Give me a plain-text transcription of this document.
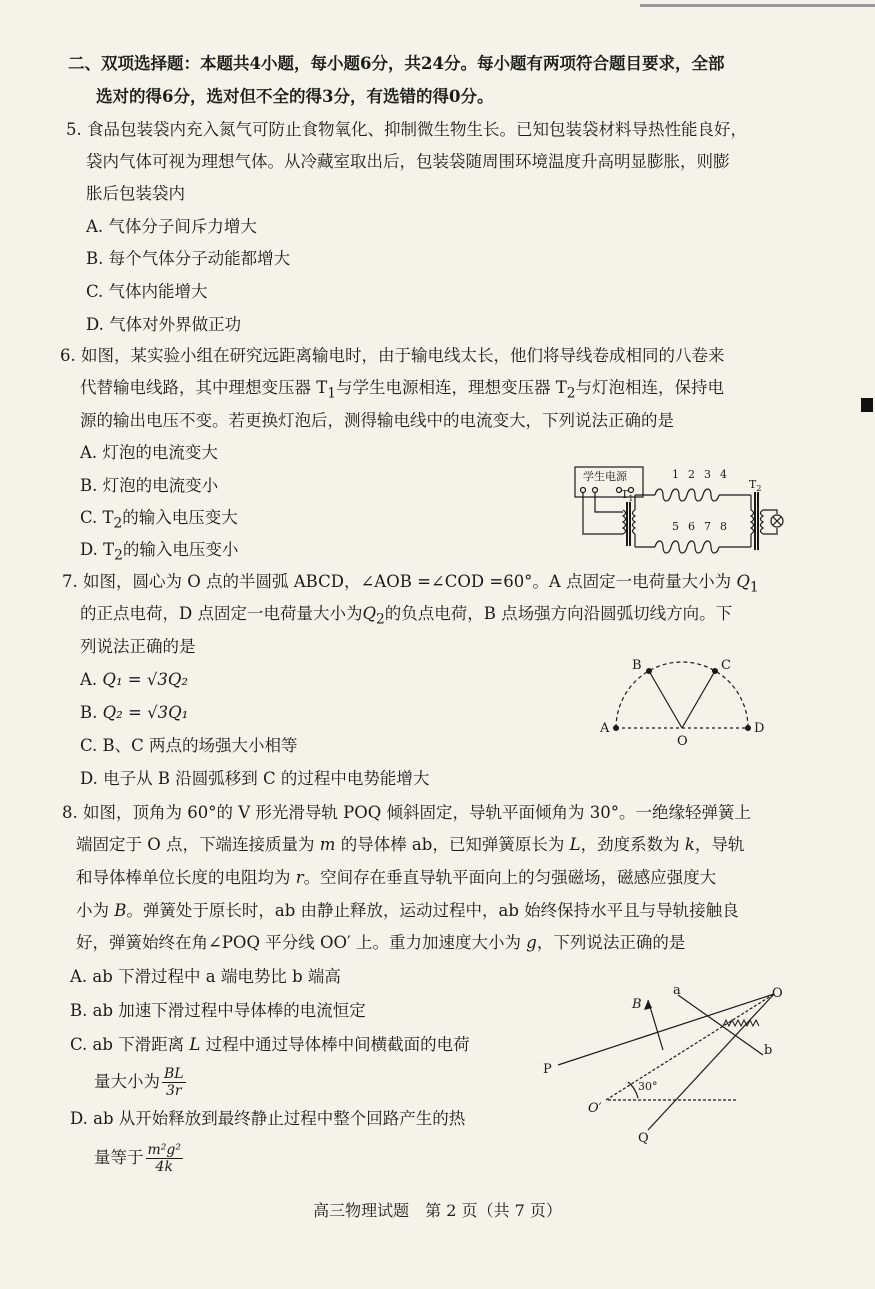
二、双项选择题：本题共4小题，每小题6分，共24分。每小题有两项符合题目要求，全部
选对的得6分，选对但不全的得3分，有选错的得0分。
5. 食品包装袋内充入氮气可防止食物氧化、抑制微生物生长。已知包装袋材料导热性能良好，
袋内气体可视为理想气体。从冷藏室取出后，包装袋随周围环境温度升高明显膨胀，则膨
胀后包装袋内
A. 气体分子间斥力增大
B. 每个气体分子动能都增大
C. 气体内能增大
D. 气体对外界做正功
6. 如图，某实验小组在研究远距离输电时，由于输电线太长，他们将导线卷成相同的八卷来
代替输电线路，其中理想变压器 $T_1$与学生电源相连，理想变压器 $T_2$与灯泡相连，保持电
源的输出电压不变。若更换灯泡后，测得输电线中的电流变大，下列说法正确的是
A. 灯泡的电流变大
B. 灯泡的电流变小
C. $T_2$的输入电压变大
D. $T_2$的输入电压变小
学生电源
$T_1$
1 2 3 4
5 6 7 8
$T_2$
7. 如图，圆心为 O 点的半圆弧 ABCD，∠AOB =∠COD =60°。A 点固定一电荷量大小为 $Q_1$
的正点电荷，D 点固定一电荷量大小为$Q_2$的负点电荷，B 点场强方向沿圆弧切线方向。下
列说法正确的是
A. Q₁ = √3Q₂
B. Q₂ = √3Q₁
C. B、C 两点的场强大小相等
D. 电子从 B 沿圆弧移到 C 的过程中电势能增大
A
B	C
D
O
8. 如图，顶角为 60°的 V 形光滑导轨 POQ 倾斜固定，导轨平面倾角为 30°。一绝缘轻弹簧上
端固定于 O 点，下端连接质量为 m 的导体棒 ab，已知弹簧原长为 L，劲度系数为 k，导轨
和导体棒单位长度的电阻均为 r。空间存在垂直导轨平面向上的匀强磁场，磁感应强度大
小为 B。弹簧处于原长时，ab 由静止释放，运动过程中，ab 始终保持水平且与导轨接触良
好，弹簧始终在角∠POQ 平分线 OO′ 上。重力加速度大小为 g，下列说法正确的是
A. ab 下滑过程中 a 端电势比 b 端高
B. ab 加速下滑过程中导体棒的电流恒定
C. ab 下滑距离 L 过程中通过导体棒中间横截面的电荷
量大小为 $\frac{BL}{3r}$
D. ab 从开始释放到最终静止过程中整个回路产生的热
量等于 $\frac{\text{m²g²}}{4k}$
B
a	O
b
P
Q
O′
30°
高三物理试题　第 2 页（共 7 页）
